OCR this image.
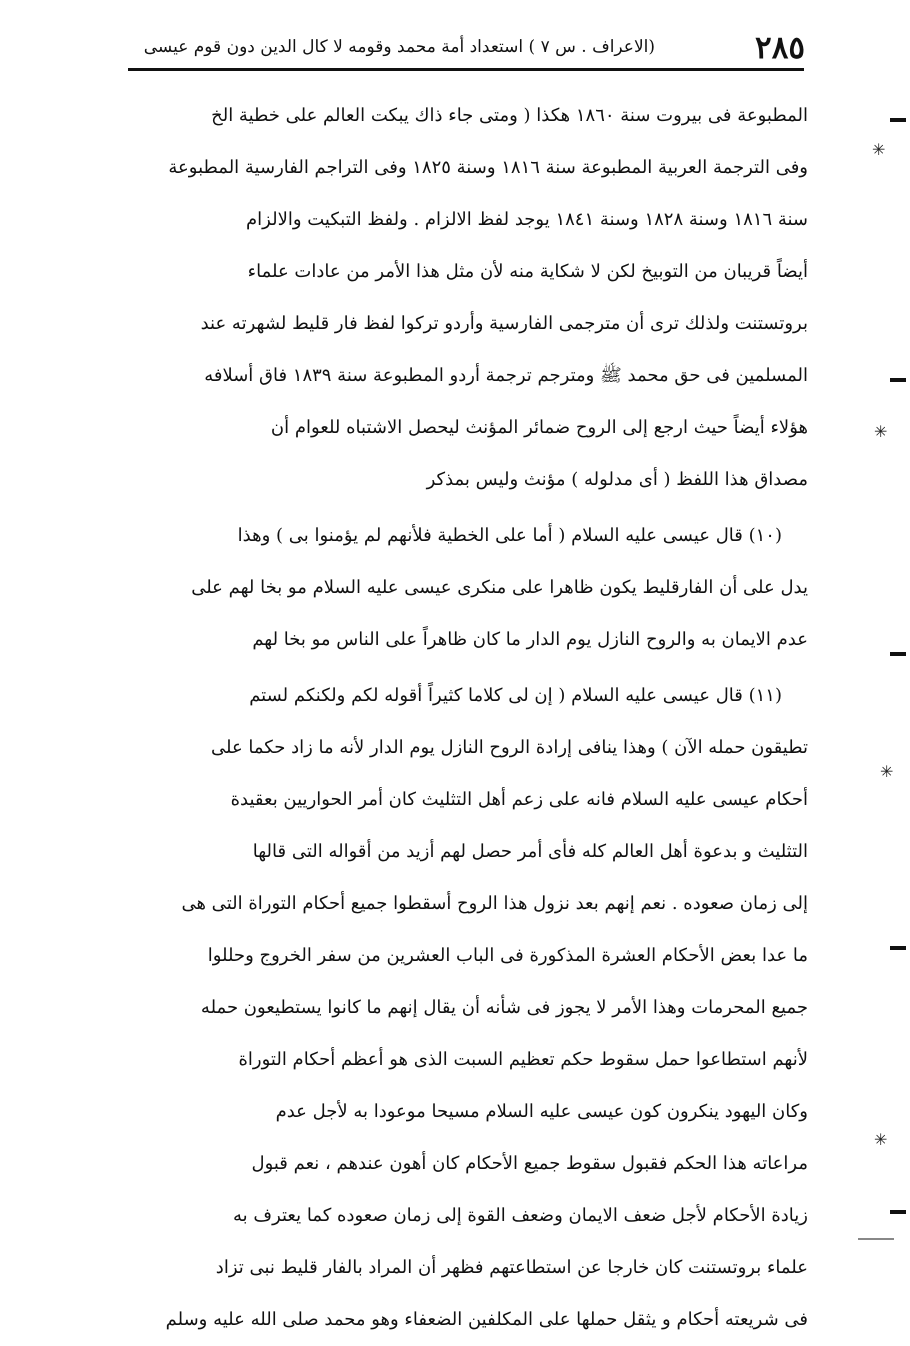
٢٨٥
(الاعراف . س ٧ ) استعداد أمة محمد وقومه لا كال الدين دون قوم عيسى
المطبوعة فى بيروت سنة ١٨٦٠ هكذا ( ومتى جاء ذاك يبكت العالم على خطية الخ
وفى الترجمة العربية المطبوعة سنة ١٨١٦ وسنة ١٨٢٥ وفى التراجم الفارسية المطبوعة
سنة ١٨١٦ وسنة ١٨٢٨ وسنة ١٨٤١ يوجد لفظ الالزام . ولفظ التبكيت والالزام
أيضاً قريبان من التوبيخ لكن لا شكاية منه لأن مثل هذا الأمر من عادات علماء
بروتستنت ولذلك ترى أن مترجمى الفارسية وأردو تركوا لفظ فار قليط لشهرته عند
المسلمين فى حق محمد ﷺ ومترجم ترجمة أردو المطبوعة سنة ١٨٣٩ فاق أسلافه
هؤلاء أيضاً حيث ارجع إلى الروح ضمائر المؤنث ليحصل الاشتباه للعوام أن
مصداق هذا اللفظ ( أى مدلوله ) مؤنث وليس بمذكر
(١٠) قال عيسى عليه السلام ( أما على الخطية فلأنهم لم يؤمنوا بى ) وهذا
يدل على أن الفارقليط يكون ظاهرا على منكرى عيسى عليه السلام مو بخا لهم على
عدم الايمان به والروح النازل يوم الدار ما كان ظاهراً على الناس مو بخا لهم
(١١) قال عيسى عليه السلام ( إن لى كلاما كثيراً أقوله لكم ولكنكم لستم
تطيقون حمله الآن ) وهذا ينافى إرادة الروح النازل يوم الدار لأنه ما زاد حكما على
أحكام عيسى عليه السلام فانه على زعم أهل التثليث كان أمر الحواريين بعقيدة
التثليث و بدعوة أهل العالم كله فأى أمر حصل لهم أزيد من أقواله التى قالها
إلى زمان صعوده . نعم إنهم بعد نزول هذا الروح أسقطوا جميع أحكام التوراة التى هى
ما عدا بعض الأحكام العشرة المذكورة فى الباب العشرين من سفر الخروج وحللوا
جميع المحرمات وهذا الأمر لا يجوز فى شأنه أن يقال إنهم ما كانوا يستطيعون حمله
لأنهم استطاعوا حمل سقوط حكم تعظيم السبت الذى هو أعظم أحكام التوراة
وكان اليهود ينكرون كون عيسى عليه السلام مسيحا موعودا به لأجل عدم
مراعاته هذا الحكم فقبول سقوط جميع الأحكام كان أهون عندهم ، نعم قبول
زيادة الأحكام لأجل ضعف الايمان وضعف القوة إلى زمان صعوده كما يعترف به
علماء بروتستنت كان خارجا عن استطاعتهم فظهر أن المراد بالفار قليط نبى تزاد
فى شريعته أحكام و يثقل حملها على المكلفين الضعفاء وهو محمد صلى الله عليه وسلم
✳
✳
✳
✳
